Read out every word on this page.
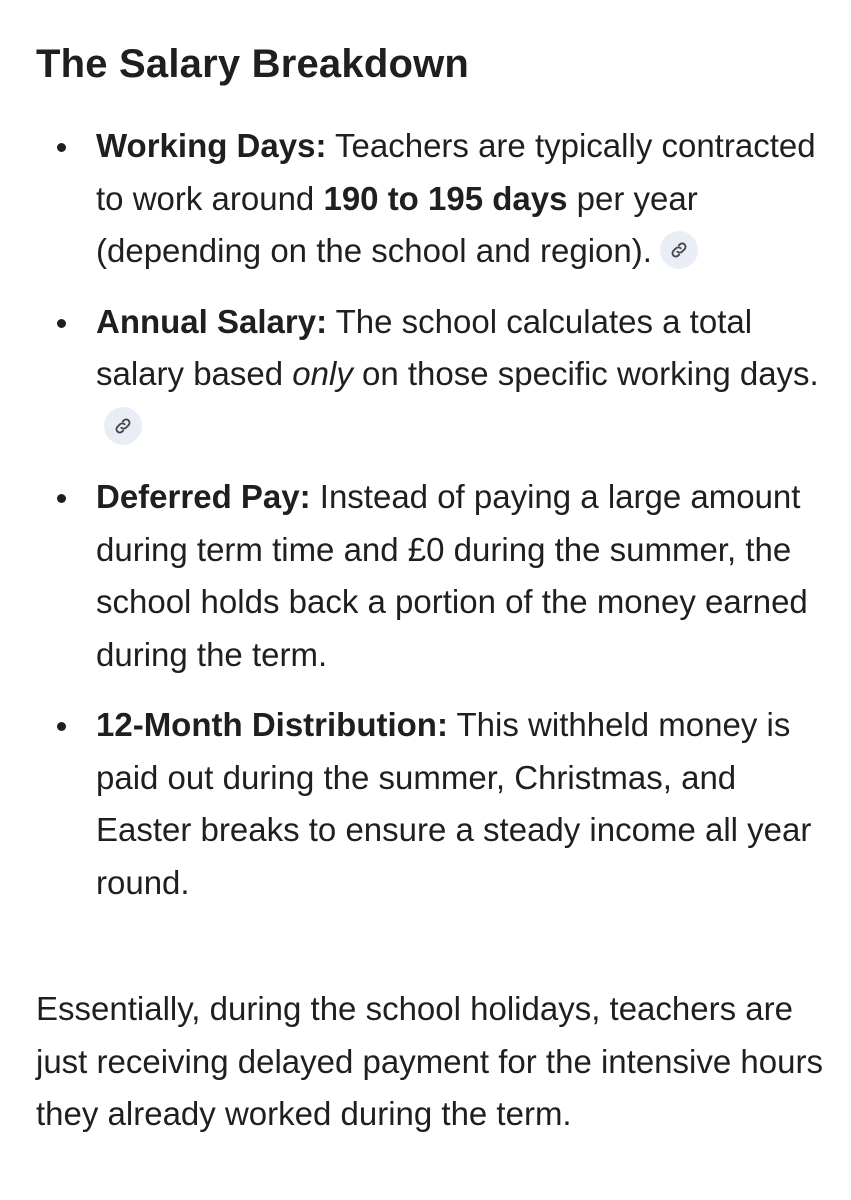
The Salary Breakdown
Working Days: Teachers are typically contracted to work around 190 to 195 days per year (depending on the school and region).
Annual Salary: The school calculates a total salary based only on those specific working days.
Deferred Pay: Instead of paying a large amount during term time and £0 during the summer, the school holds back a portion of the money earned during the term.
12-Month Distribution: This withheld money is paid out during the summer, Christmas, and Easter breaks to ensure a steady income all year round.

Essentially, during the school holidays, teachers are just receiving delayed payment for the intensive hours they already worked during the term.
